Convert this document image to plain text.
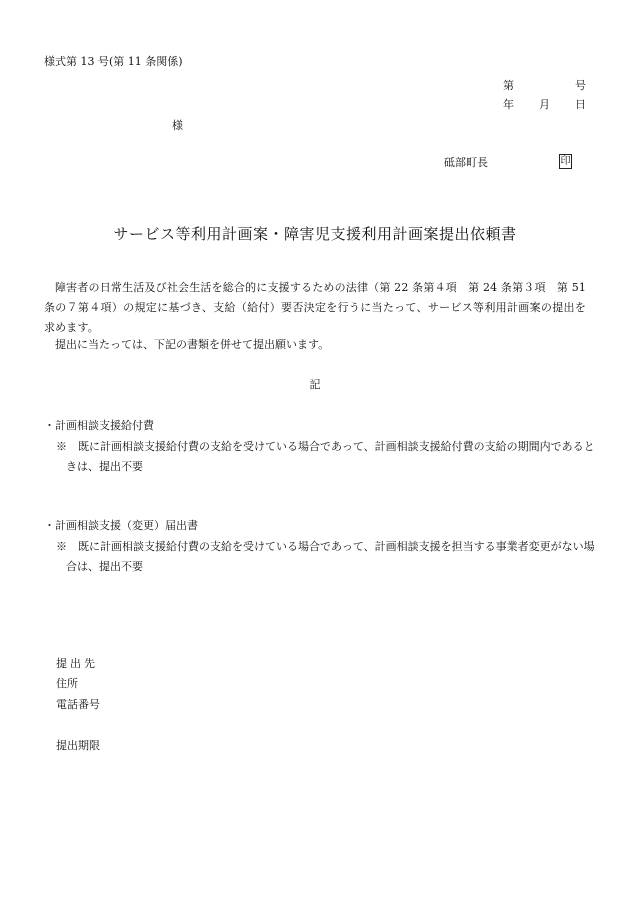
様式第 13 号(第 11 条関係)
第	号
年 月 日
様
砥部町長	印
サービス等利用計画案・障害児支援利用計画案提出依頼書
障害者の日常生活及び社会生活を総合的に支援するための法律（第 22 条第４項　第 24 条第３項　第 51 条の７第４項）の規定に基づき、支給（給付）要否決定を行うに当たって、サービス等利用計画案の提出を求めます。
提出に当たっては、下記の書類を併せて提出願います。
記
・計画相談支援給付費
※　既に計画相談支援給付費の支給を受けている場合であって、計画相談支援給付費の支給の期間内であるときは、提出不要
・計画相談支援（変更）届出書
※　既に計画相談支援給付費の支給を受けている場合であって、計画相談支援を担当する事業者変更がない場合は、提出不要
提出先
住所
電話番号
提出期限
